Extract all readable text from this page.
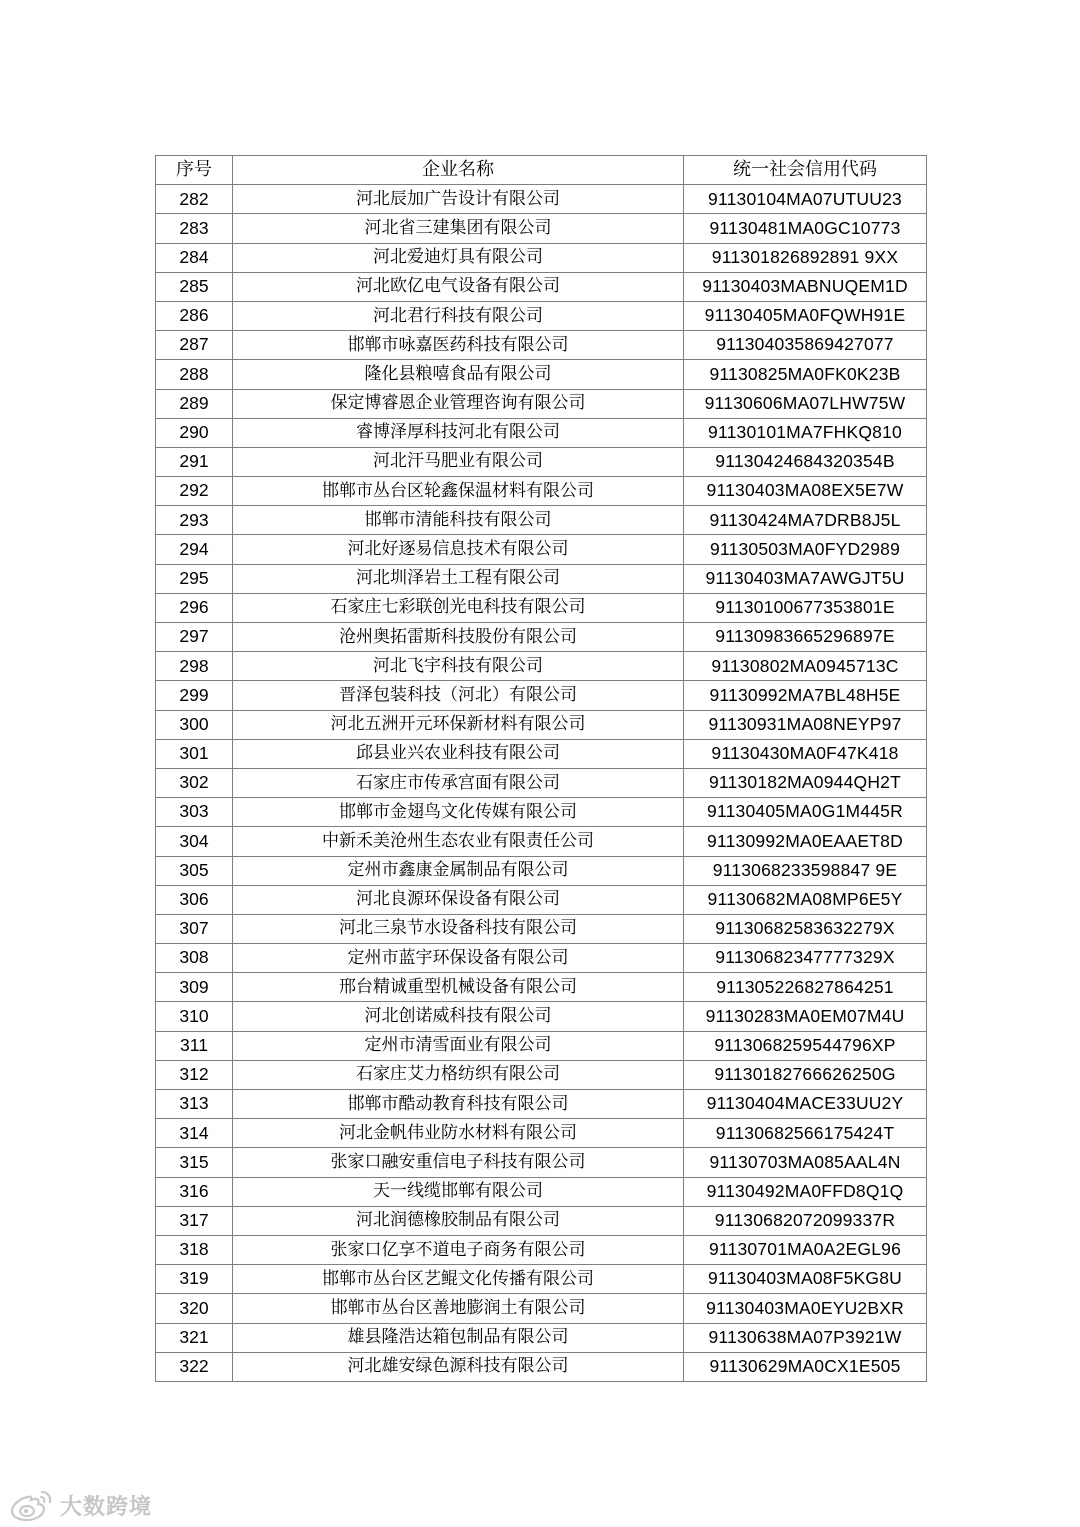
序号	企业名称	统一社会信用代码
282	河北辰加广告设计有限公司	91130104MA07UTUU23
283	河北省三建集团有限公司	91130481MA0GC10773
284	河北爱迪灯具有限公司	911301826892891 9XX
285	河北欧亿电气设备有限公司	91130403MABNUQEM1D
286	河北君行科技有限公司	91130405MA0FQWH91E
287	邯郸市咏嘉医药科技有限公司	911304035869427077
288	隆化县粮嘻食品有限公司	91130825MA0FK0K23B
289	保定博睿恩企业管理咨询有限公司	91130606MA07LHW75W
290	睿博泽厚科技河北有限公司	91130101MA7FHKQ810
291	河北汗马肥业有限公司	91130424684320354B
292	邯郸市丛台区轮鑫保温材料有限公司	91130403MA08EX5E7W
293	邯郸市清能科技有限公司	91130424MA7DRB8J5L
294	河北好逐易信息技术有限公司	91130503MA0FYD2989
295	河北圳泽岩土工程有限公司	91130403MA7AWGJT5U
296	石家庄七彩联创光电科技有限公司	91130100677353801E
297	沧州奥拓雷斯科技股份有限公司	91130983665296897E
298	河北飞宇科技有限公司	91130802MA0945713C
299	晋泽包装科技（河北）有限公司	91130992MA7BL48H5E
300	河北五洲开元环保新材料有限公司	91130931MA08NEYP97
301	邱县业兴农业科技有限公司	91130430MA0F47K418
302	石家庄市传承宫面有限公司	91130182MA0944QH2T
303	邯郸市金翅鸟文化传媒有限公司	91130405MA0G1M445R
304	中新禾美沧州生态农业有限责任公司	91130992MA0EAAET8D
305	定州市鑫康金属制品有限公司	9113068233598847 9E
306	河北良源环保设备有限公司	91130682MA08MP6E5Y
307	河北三泉节水设备科技有限公司	91130682583632279X
308	定州市蓝宇环保设备有限公司	91130682347777329X
309	邢台精诚重型机械设备有限公司	911305226827864251
310	河北创诺威科技有限公司	91130283MA0EM07M4U
311	定州市清雪面业有限公司	9113068259544796XP
312	石家庄艾力格纺织有限公司	91130182766626250G
313	邯郸市酷动教育科技有限公司	91130404MACE33UU2Y
314	河北金帆伟业防水材料有限公司	91130682566175424T
315	张家口融安重信电子科技有限公司	91130703MA085AAL4N
316	天一线缆邯郸有限公司	91130492MA0FFD8Q1Q
317	河北润德橡胶制品有限公司	91130682072099337R
318	张家口亿享不道电子商务有限公司	91130701MA0A2EGL96
319	邯郸市丛台区艺鲲文化传播有限公司	91130403MA08F5KG8U
320	邯郸市丛台区善地膨润土有限公司	91130403MA0EYU2BXR
321	雄县隆浩达箱包制品有限公司	91130638MA07P3921W
322	河北雄安绿色源科技有限公司	91130629MA0CX1E505
大数跨境
